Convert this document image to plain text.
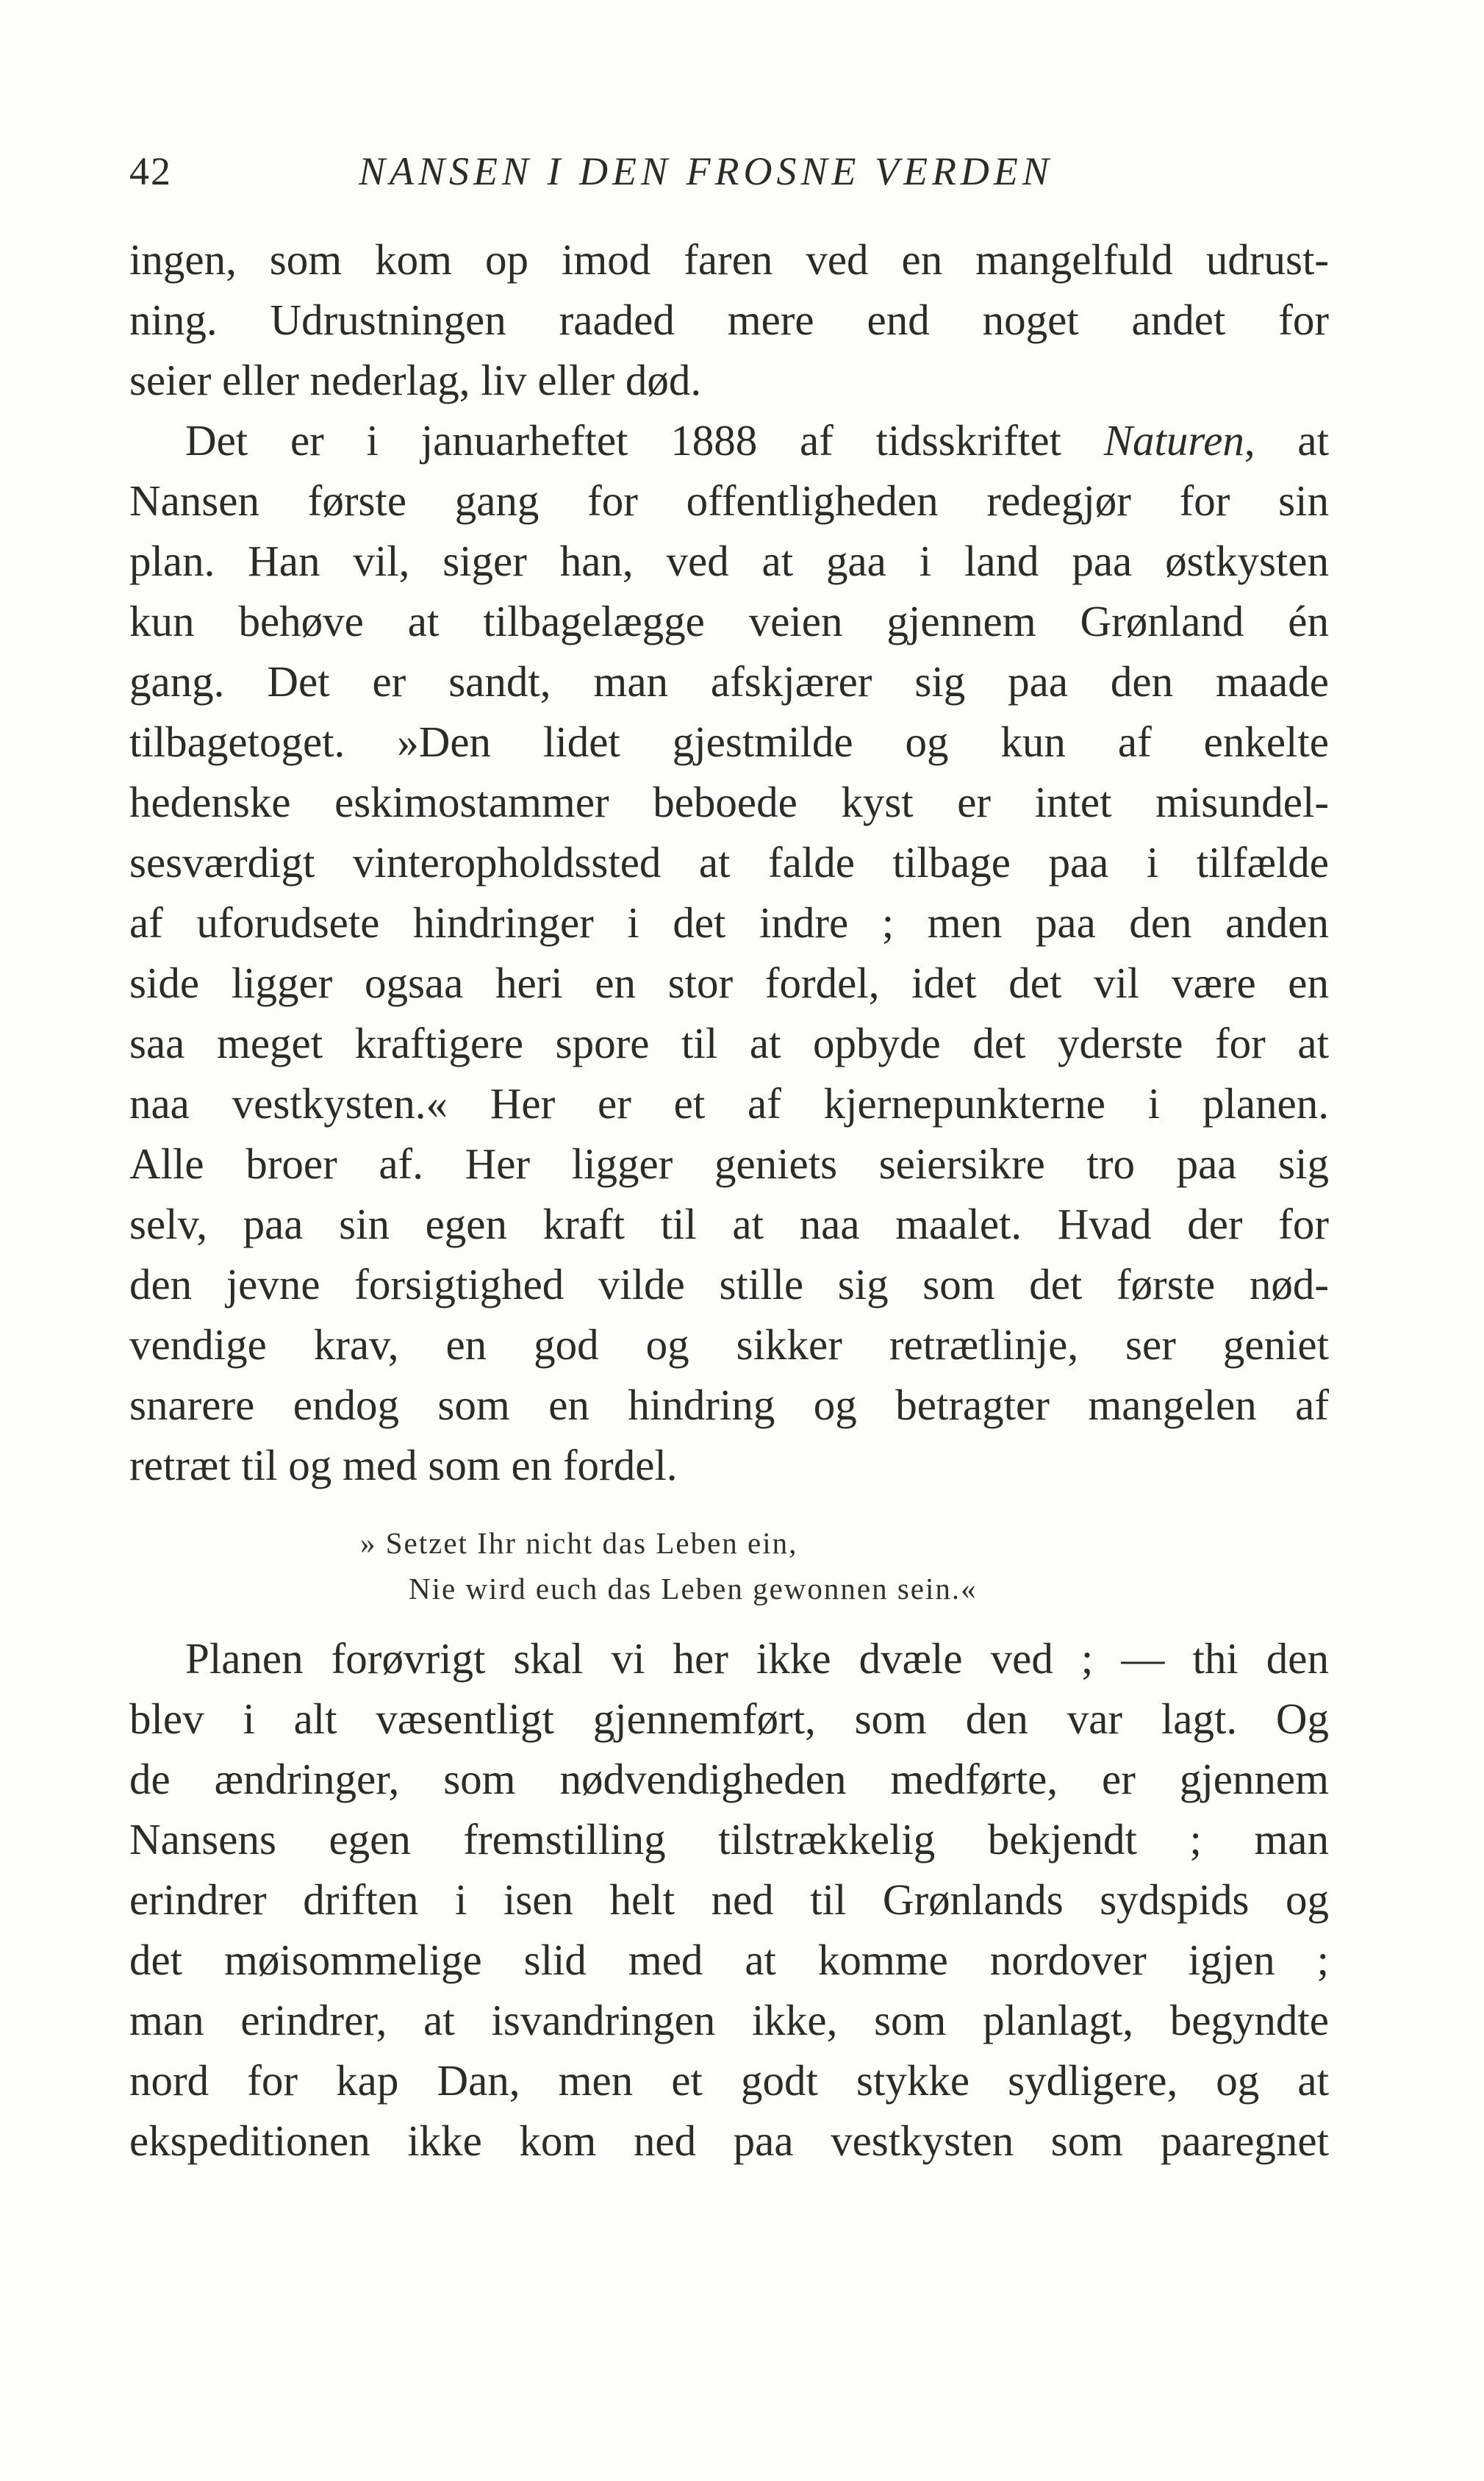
42	NANSEN I DEN FROSNE VERDEN
ingen, som kom op imod faren ved en mangelfuld udrust-
ning. Udrustningen raaded mere end noget andet for
seier eller nederlag, liv eller død.
Det er i januarheftet 1888 af tidsskriftet Naturen, at
Nansen første gang for offentligheden redegjør for sin
plan. Han vil, siger han, ved at gaa i land paa østkysten
kun behøve at tilbagelægge veien gjennem Grønland én
gang. Det er sandt, man afskjærer sig paa den maade
tilbagetoget. »Den lidet gjestmilde og kun af enkelte
hedenske eskimostammer beboede kyst er intet misundel-
sesværdigt vinteropholdssted at falde tilbage paa i tilfælde
af uforudsete hindringer i det indre ; men paa den anden
side ligger ogsaa heri en stor fordel, idet det vil være en
saa meget kraftigere spore til at opbyde det yderste for at
naa vestkysten.« Her er et af kjernepunkterne i planen.
Alle broer af. Her ligger geniets seiersikre tro paa sig
selv, paa sin egen kraft til at naa maalet. Hvad der for
den jevne forsigtighed vilde stille sig som det første nød-
vendige krav, en god og sikker retrætlinje, ser geniet
snarere endog som en hindring og betragter mangelen af
retræt til og med som en fordel.
» Setzet Ihr nicht das Leben ein,
Nie wird euch das Leben gewonnen sein.«
Planen forøvrigt skal vi her ikke dvæle ved ; — thi den
blev i alt væsentligt gjennemført, som den var lagt. Og
de ændringer, som nødvendigheden medførte, er gjennem
Nansens egen fremstilling tilstrækkelig bekjendt ; man
erindrer driften i isen helt ned til Grønlands sydspids og
det møisommelige slid med at komme nordover igjen ;
man erindrer, at isvandringen ikke, som planlagt, begyndte
nord for kap Dan, men et godt stykke sydligere, og at
ekspeditionen ikke kom ned paa vestkysten som paaregnet
